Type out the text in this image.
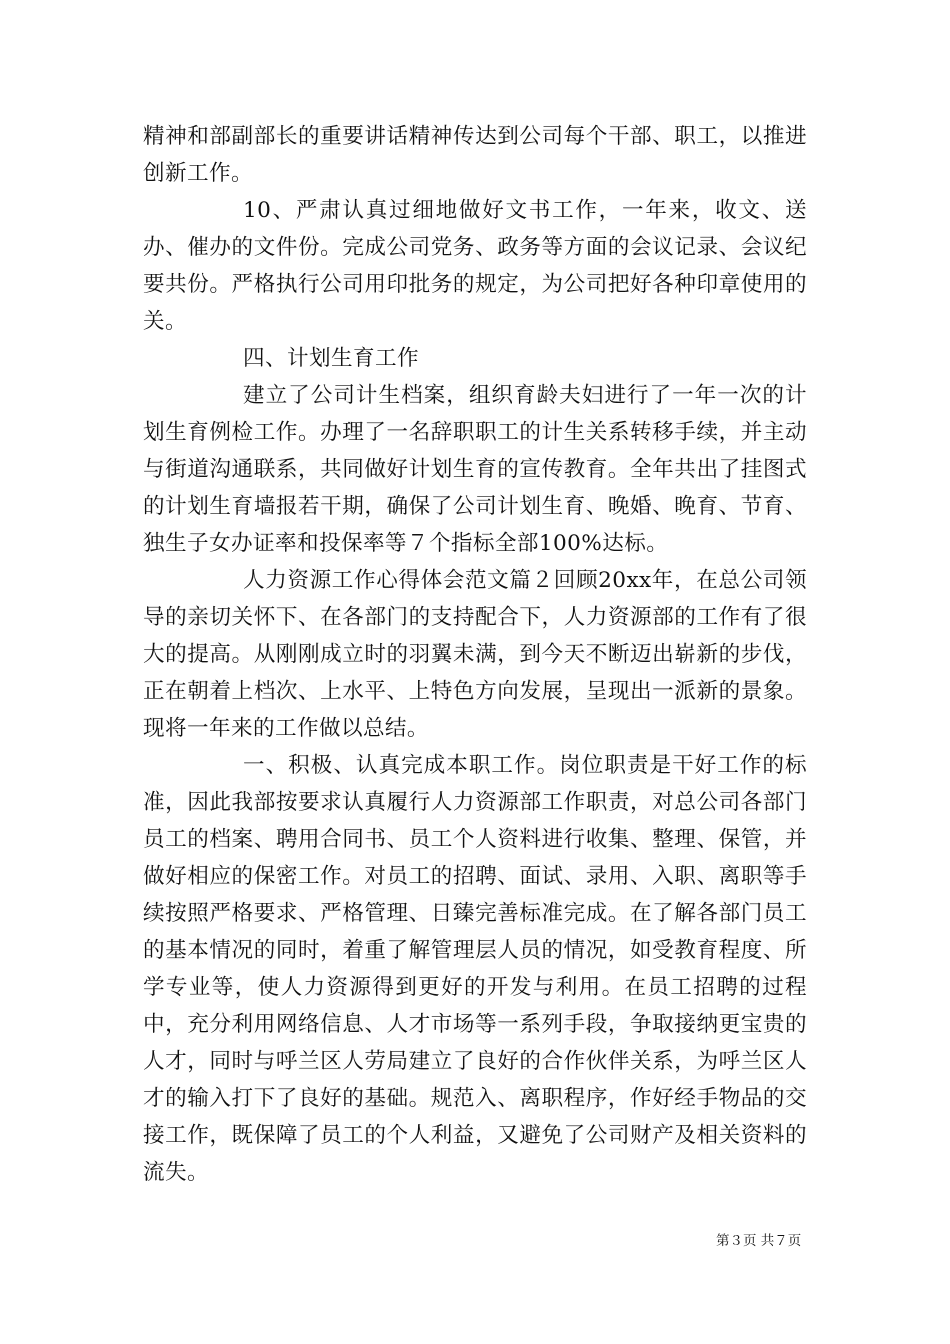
精神和部副部长的重要讲话精神传达到公司每个干部、职工，以推进创新工作。

10、严肃认真过细地做好文书工作，一年来，收文、送办、催办的文件份。完成公司党务、政务等方面的会议记录、会议纪要共份。严格执行公司用印批务的规定，为公司把好各种印章使用的关。

四、计划生育工作

建立了公司计生档案，组织育龄夫妇进行了一年一次的计划生育例检工作。办理了一名辞职职工的计生关系转移手续，并主动与街道沟通联系，共同做好计划生育的宣传教育。全年共出了挂图式的计划生育墙报若干期，确保了公司计划生育、晚婚、晚育、节育、独生子女办证率和投保率等７个指标全部100%达标。

人力资源工作心得体会范文篇２回顾20xx年，在总公司领导的亲切关怀下、在各部门的支持配合下，人力资源部的工作有了很大的提高。从刚刚成立时的羽翼未满，到今天不断迈出崭新的步伐，正在朝着上档次、上水平、上特色方向发展，呈现出一派新的景象。现将一年来的工作做以总结。

一、积极、认真完成本职工作。岗位职责是干好工作的标准，因此我部按要求认真履行人力资源部工作职责，对总公司各部门员工的档案、聘用合同书、员工个人资料进行收集、整理、保管，并做好相应的保密工作。对员工的招聘、面试、录用、入职、离职等手续按照严格要求、严格管理、日臻完善标准完成。在了解各部门员工的基本情况的同时，着重了解管理层人员的情况，如受教育程度、所学专业等，使人力资源得到更好的开发与利用。在员工招聘的过程中，充分利用网络信息、人才市场等一系列手段，争取接纳更宝贵的人才，同时与呼兰区人劳局建立了良好的合作伙伴关系，为呼兰区人才的输入打下了良好的基础。规范入、离职程序，作好经手物品的交接工作，既保障了员工的个人利益，又避免了公司财产及相关资料的流失。

第３页 共７页
